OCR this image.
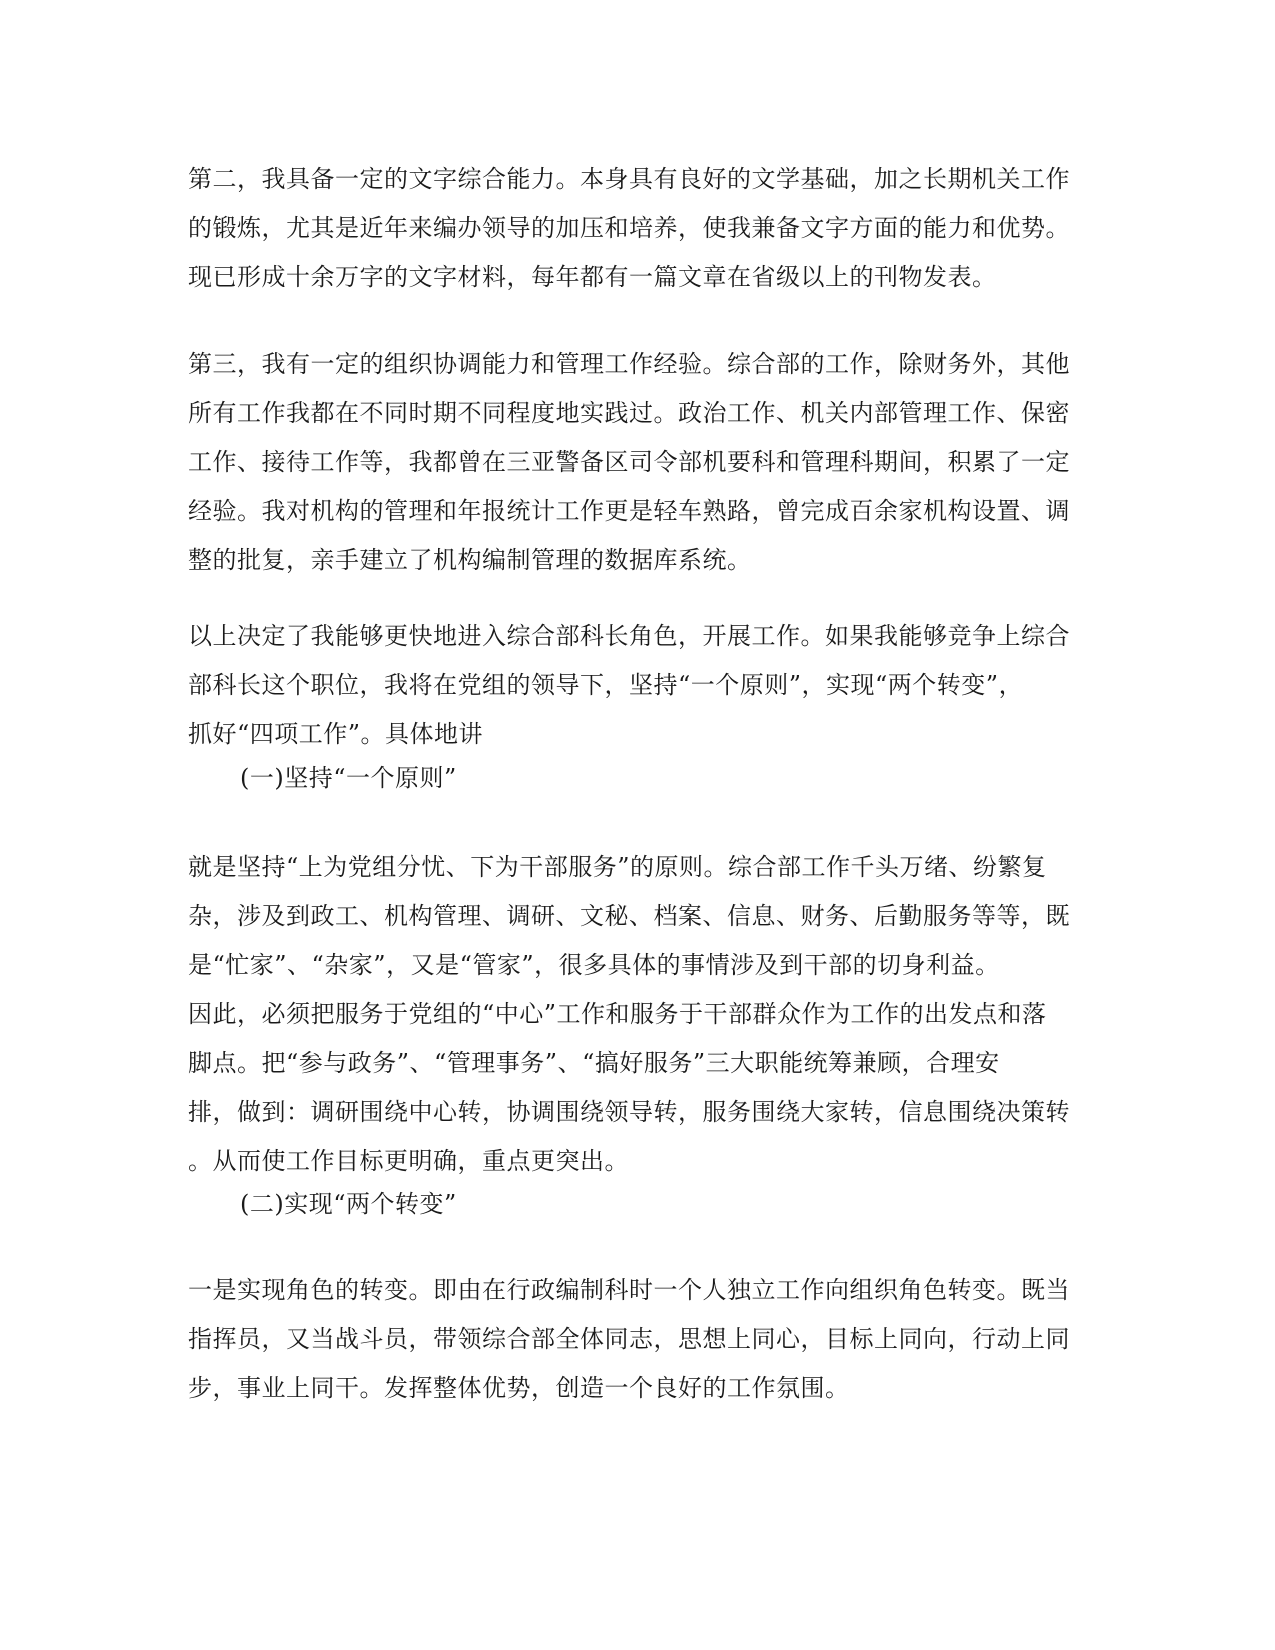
第二，我具备一定的文字综合能力。本身具有良好的文学基础，加之长期机关工作
的锻炼，尤其是近年来编办领导的加压和培养，使我兼备文字方面的能力和优势。
现已形成十余万字的文字材料，每年都有一篇文章在省级以上的刊物发表。

第三，我有一定的组织协调能力和管理工作经验。综合部的工作，除财务外，其他
所有工作我都在不同时期不同程度地实践过。政治工作、机关内部管理工作、保密
工作、接待工作等，我都曾在三亚警备区司令部机要科和管理科期间，积累了一定
经验。我对机构的管理和年报统计工作更是轻车熟路，曾完成百余家机构设置、调
整的批复，亲手建立了机构编制管理的数据库系统。

以上决定了我能够更快地进入综合部科长角色，开展工作。如果我能够竞争上综合
部科长这个职位，我将在党组的领导下，坚持“一个原则”，实现“两个转变”，
抓好“四项工作”。具体地讲

(一)坚持“一个原则”

就是坚持“上为党组分忧、下为干部服务”的原则。综合部工作千头万绪、纷繁复
杂，涉及到政工、机构管理、调研、文秘、档案、信息、财务、后勤服务等等，既
是“忙家”、“杂家”，又是“管家”，很多具体的事情涉及到干部的切身利益。
因此，必须把服务于党组的“中心”工作和服务于干部群众作为工作的出发点和落
脚点。把“参与政务”、“管理事务”、“搞好服务”三大职能统筹兼顾，合理安
排，做到：调研围绕中心转，协调围绕领导转，服务围绕大家转，信息围绕决策转
。从而使工作目标更明确，重点更突出。

(二)实现“两个转变”

一是实现角色的转变。即由在行政编制科时一个人独立工作向组织角色转变。既当
指挥员，又当战斗员，带领综合部全体同志，思想上同心，目标上同向，行动上同
步，事业上同干。发挥整体优势，创造一个良好的工作氛围。
